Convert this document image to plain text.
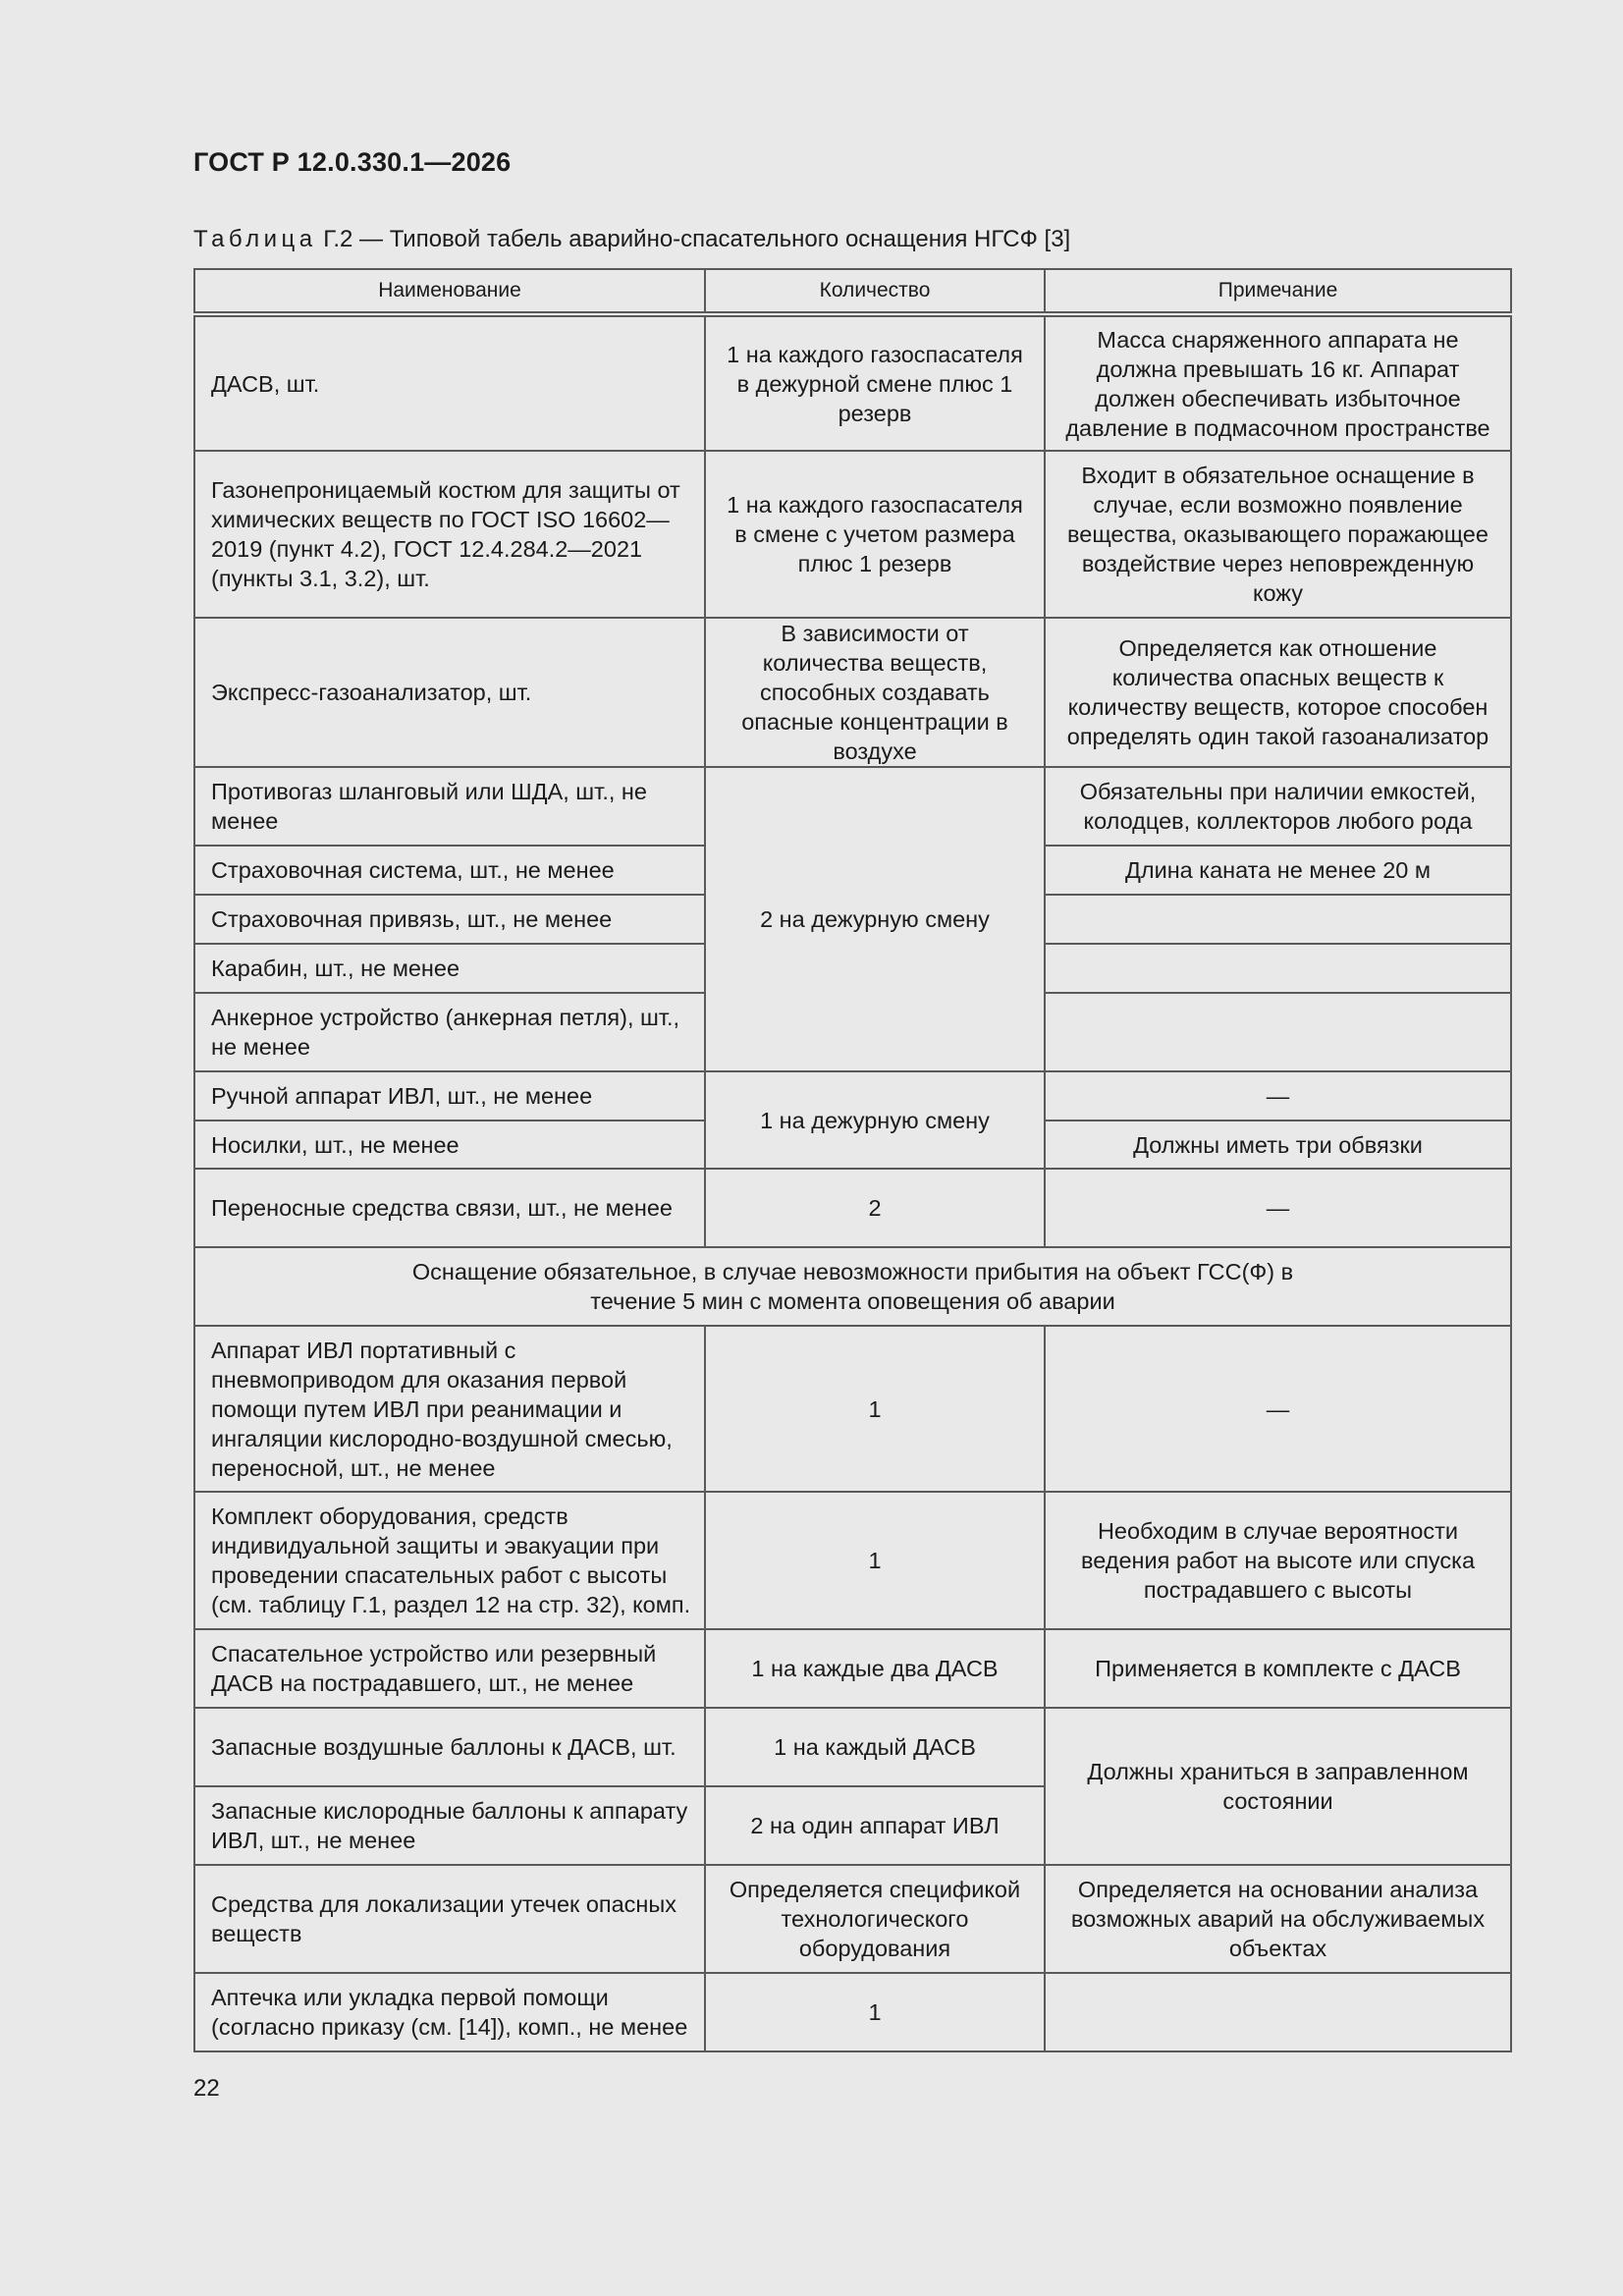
ГОСТ Р 12.0.330.1—2026
Таблица Г.2 — Типовой табель аварийно-спасательного оснащения НГСФ [3]
Наименование	Количество	Примечание
ДАСВ, шт.	1 на каждого газоспасателя в дежурной смене плюс 1 резерв	Масса снаряженного аппарата не должна превышать 16 кг. Аппарат должен обеспечивать избыточное давление в подмасочном пространстве
Газонепроницаемый костюм для защиты от химических веществ по ГОСТ ISO 16602—2019 (пункт 4.2), ГОСТ 12.4.284.2—2021 (пункты 3.1, 3.2), шт.	1 на каждого газоспасателя в смене с учетом размера плюс 1 резерв	Входит в обязательное оснащение в случае, если возможно появление вещества, оказывающего поражающее воздействие через неповрежденную кожу
Экспресс-газоанализатор, шт.	В зависимости от количества веществ, способных создавать опасные концентрации в воздухе	Определяется как отношение количества опасных веществ к количеству веществ, которое способен определять один такой газоанализатор
Противогаз шланговый или ШДА, шт., не менее	2 на дежурную смену	Обязательны при наличии емкостей, колодцев, коллекторов любого рода
Страховочная система, шт., не менее		Длина каната не менее 20 м
Страховочная привязь, шт., не менее		
Карабин, шт., не менее		
Анкерное устройство (анкерная петля), шт., не менее		
Ручной аппарат ИВЛ, шт., не менее	1 на дежурную смену	—
Носилки, шт., не менее		Должны иметь три обвязки
Переносные средства связи, шт., не менее	2	—
Оснащение обязательное, в случае невозможности прибытия на объект ГСС(Ф) в течение 5 мин с момента оповещения об аварии		
Аппарат ИВЛ портативный с пневмоприводом для оказания первой помощи путем ИВЛ при реанимации и ингаляции кислородно-воздушной смесью, переносной, шт., не менее	1	—
Комплект оборудования, средств индивидуальной защиты и эвакуации при проведении спасательных работ с высоты (см. таблицу Г.1, раздел 12 на стр. 32), комп.	1	Необходим в случае вероятности ведения работ на высоте или спуска пострадавшего с высоты
Спасательное устройство или резервный ДАСВ на пострадавшего, шт., не менее	1 на каждые два ДАСВ	Применяется в комплекте с ДАСВ
Запасные воздушные баллоны к ДАСВ, шт.	1 на каждый ДАСВ	Должны храниться в заправленном состоянии
Запасные кислородные баллоны к аппарату ИВЛ, шт., не менее	2 на один аппарат ИВЛ	
Средства для локализации утечек опасных веществ	Определяется спецификой технологического оборудования	Определяется на основании анализа возможных аварий на обслуживаемых объектах
Аптечка или укладка первой помощи (согласно приказу (см. [14]), комп., не менее	1	
22
